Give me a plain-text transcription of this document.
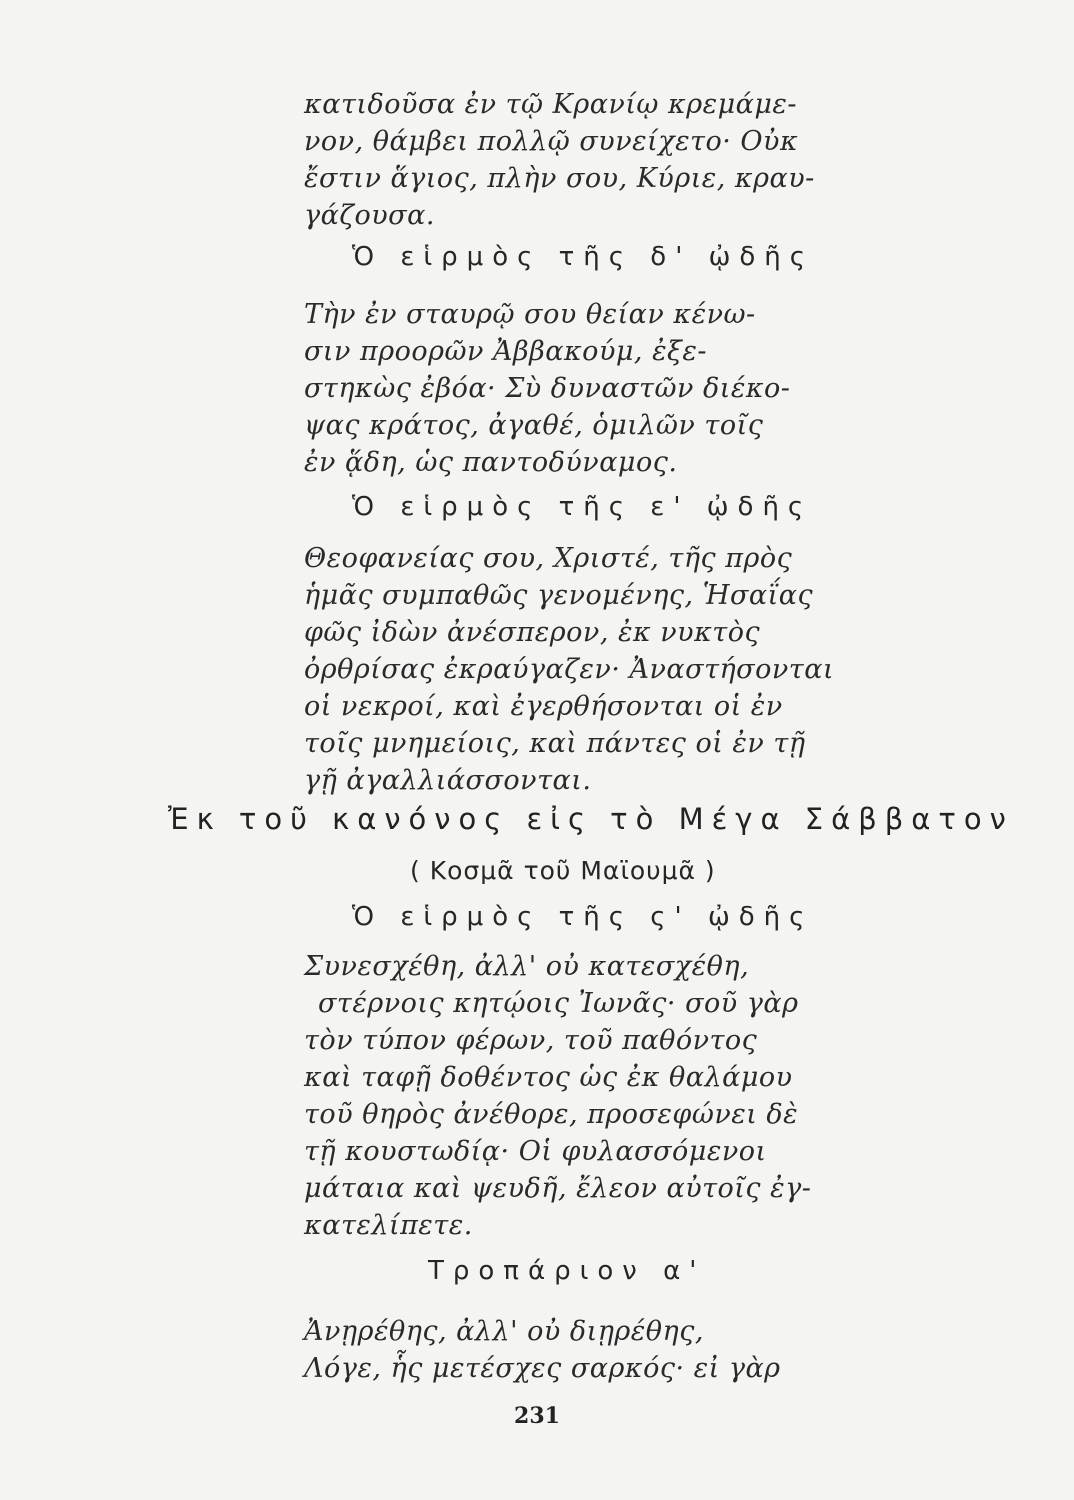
κατιδοῦσα ἐν τῷ Κρανίῳ κρεμάμε-
νον, θάμβει πολλῷ συνείχετο· Οὐκ
ἔστιν ἅγιος, πλὴν σου, Κύριε, κραυ-
γάζουσα.
Ὁ εἱρμὸς τῆς δ' ᾠδῆς
Τὴν ἐν σταυρῷ σου θείαν κένω-
σιν προορῶν Ἀββακούμ, ἐξε-
στηκὼς ἐβόα· Σὺ δυναστῶν διέκο-
ψας κράτος, ἀγαθέ, ὁμιλῶν τοῖς
ἐν ᾅδη, ὡς παντοδύναμος.
Ὁ εἱρμὸς τῆς ε' ᾠδῆς
Θεοφανείας σου, Χριστέ, τῆς πρὸς
ἡμᾶς συμπαθῶς γενομένης, Ἡσαΐας
φῶς ἰδὼν ἀνέσπερον, ἐκ νυκτὸς
ὀρθρίσας ἐκραύγαζεν· Ἀναστήσονται
οἱ νεκροί, καὶ ἐγερθήσονται οἱ ἐν
τοῖς μνημείοις, καὶ πάντες οἱ ἐν τῇ
γῇ ἀγαλλιάσσονται.
Ἐκ τοῦ κανόνος εἰς τὸ Μέγα Σάββατον
( Κοσμᾶ τοῦ Μαϊουμᾶ )
Ὁ εἱρμὸς τῆς ς' ᾠδῆς
Συνεσχέθη, ἀλλ' οὐ κατεσχέθη,
στέρνοις κητῴοις Ἰωνᾶς· σοῦ γὰρ
τὸν τύπον φέρων, τοῦ παθόντος
καὶ ταφῇ δοθέντος ὡς ἐκ θαλάμου
τοῦ θηρὸς ἀνέθορε, προσεφώνει δὲ
τῇ κουστωδίᾳ· Οἱ φυλασσόμενοι
μάταια καὶ ψευδῆ, ἔλεον αὐτοῖς ἐγ-
κατελίπετε.
Τροπάριον α'
Ἀνῃρέθης, ἀλλ' οὐ διῃρέθης,
Λόγε, ἧς μετέσχες σαρκός· εἰ γὰρ
231
